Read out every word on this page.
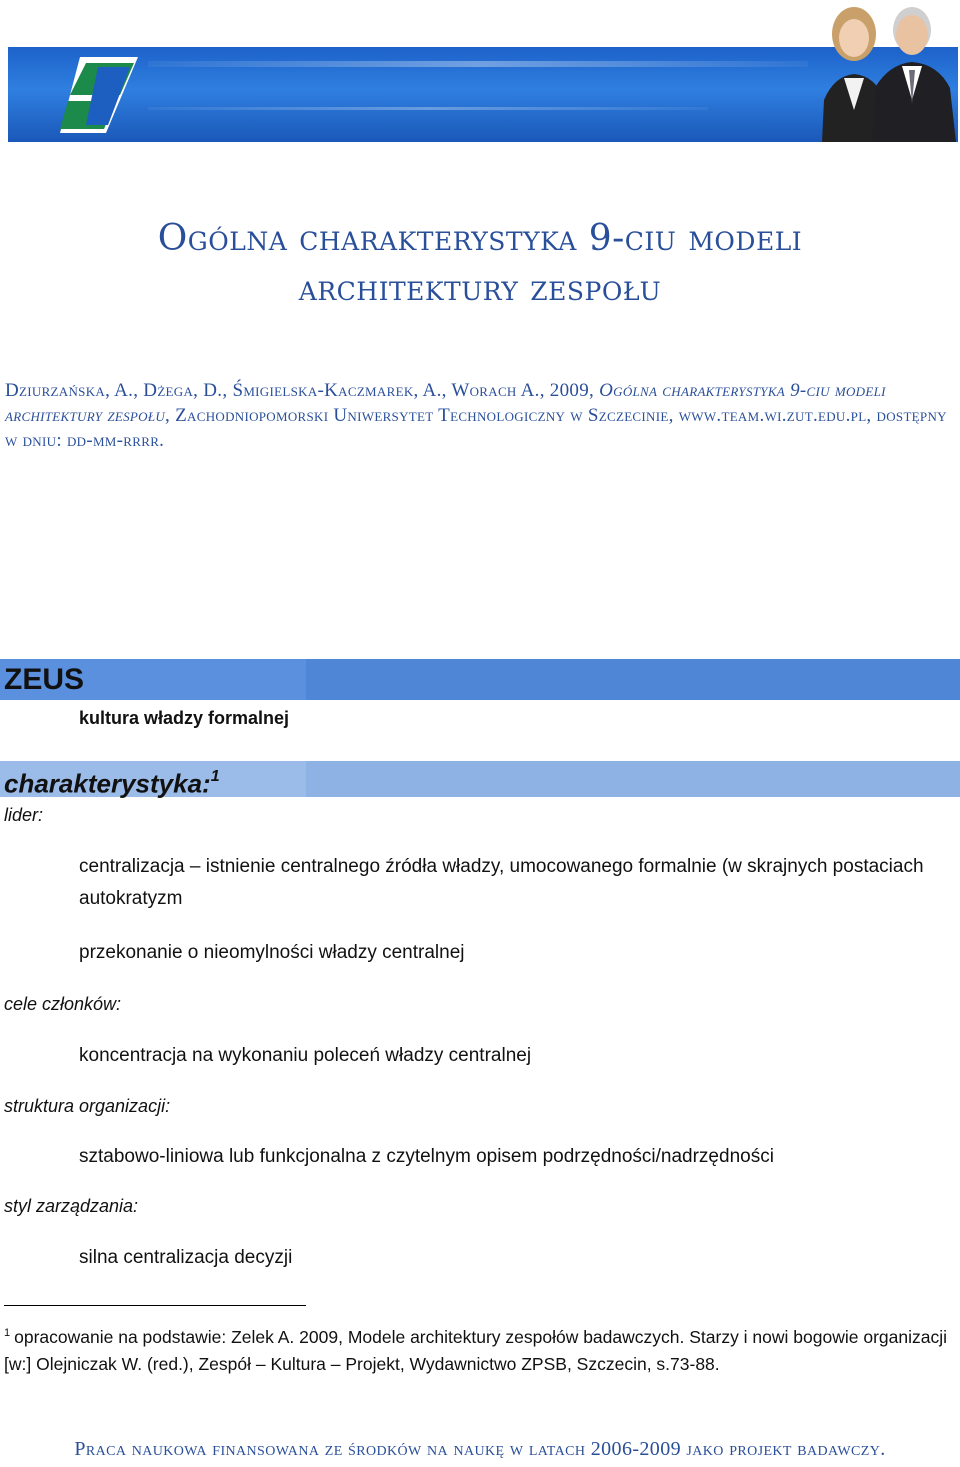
Ogólna charakterystyka 9-ciu modeli
architektury zespołu
Dziurzańska, A., Dżega, D., Śmigielska-Kaczmarek, A., Worach A., 2009, Ogólna charakterystyka 9-ciu modeli architektury zespołu, Zachodniopomorski Uniwersytet Technologiczny w Szczecinie, www.team.wi.zut.edu.pl, dostępny w dniu: dd-mm-rrrr.
ZEUS
kultura władzy formalnej
charakterystyka:$^1$
lider:
centralizacja – istnienie centralnego źródła władzy, umocowanego formalnie (w skrajnych postaciach autokratyzm
przekonanie o nieomylności władzy centralnej
cele członków:
koncentracja na wykonaniu poleceń władzy centralnej
struktura organizacji:
sztabowo-liniowa lub funkcjonalna z czytelnym opisem podrzędności/nadrzędności
styl zarządzania:
silna centralizacja decyzji
$^1$ opracowanie na podstawie: Zelek A. 2009, Modele architektury zespołów badawczych. Starzy i nowi bogowie organizacji [w:] Olejniczak W. (red.), Zespół – Kultura – Projekt, Wydawnictwo ZPSB, Szczecin, s.73-88.
Praca naukowa finansowana ze środków na naukę w latach 2006-2009 jako projekt badawczy.
